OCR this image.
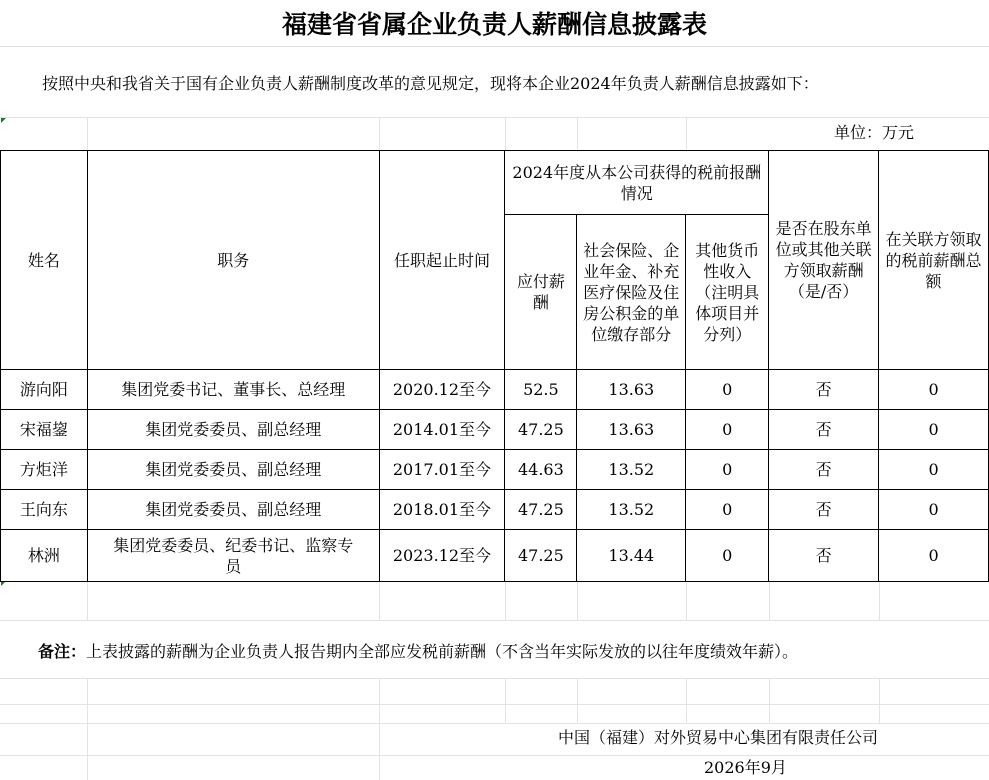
福建省省属企业负责人薪酬信息披露表
按照中央和我省关于国有企业负责人薪酬制度改革的意见规定，现将本企业2024年负责人薪酬信息披露如下：
单位：万元
姓名	职务	任职起止时间	2024年度从本公司获得的税前报酬情况			是否在股东单位或其他关联方领取薪酬（是/否）	在关联方领取的税前薪酬总额
			应付薪酬	社会保险、企业年金、补充医疗保险及住房公积金的单位缴存部分	其他货币性收入（注明具体项目并分列）		
游向阳	集团党委书记、董事长、总经理	2020.12至今	52.5	13.63	0	否	0
宋福鋆	集团党委委员、副总经理	2014.01至今	47.25	13.63	0	否	0
方炬洋	集团党委委员、副总经理	2017.01至今	44.63	13.52	0	否	0
王向东	集团党委委员、副总经理	2018.01至今	47.25	13.52	0	否	0
林洲	集团党委委员、纪委书记、监察专员	2023.12至今	47.25	13.44	0	否	0
备注：上表披露的薪酬为企业负责人报告期内全部应发税前薪酬（不含当年实际发放的以往年度绩效年薪）。
中国（福建）对外贸易中心集团有限责任公司
2026年9月
